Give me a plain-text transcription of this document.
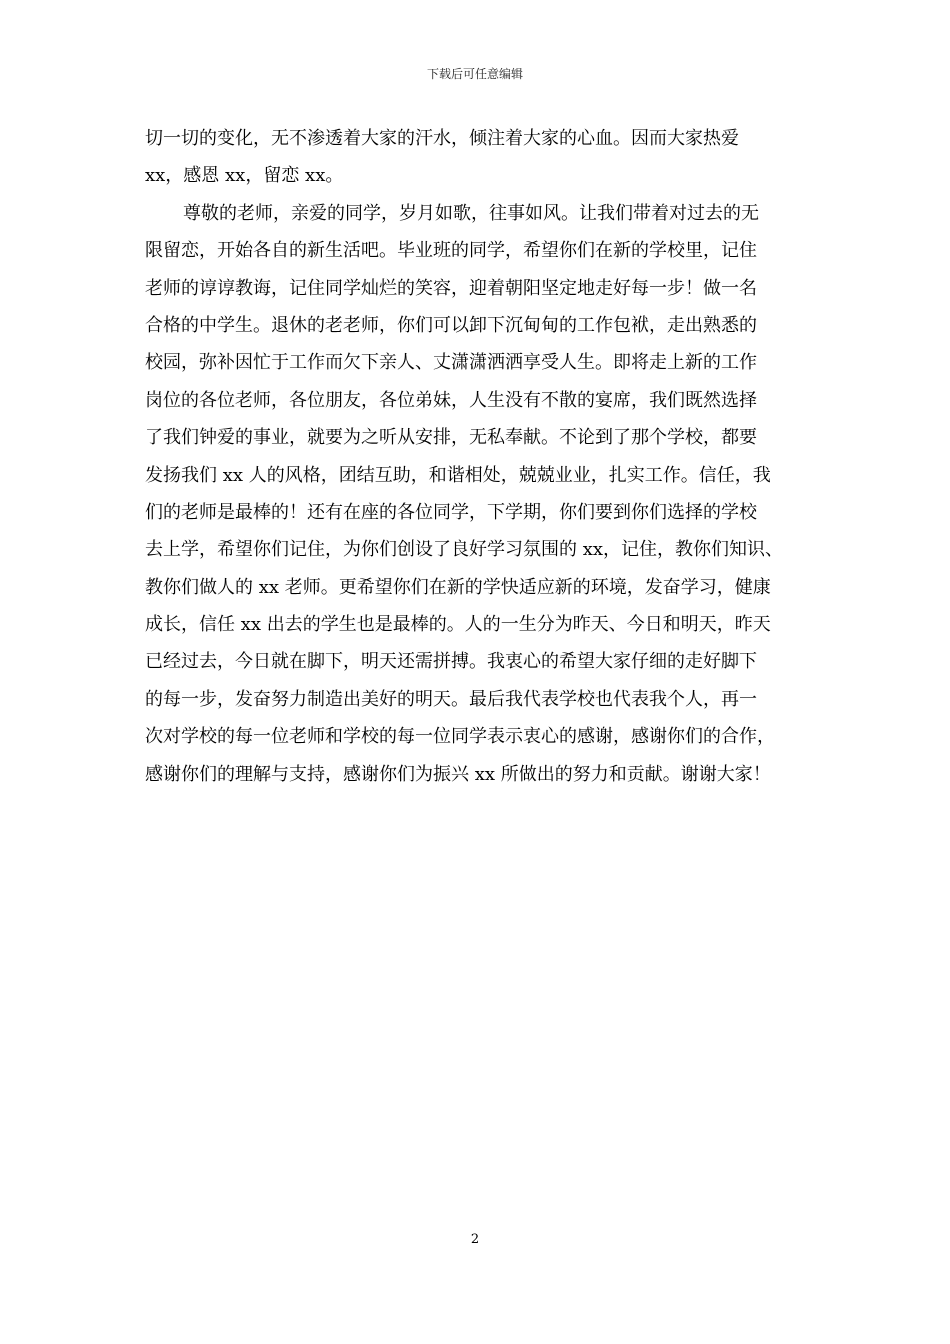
下载后可任意编辑
切一切的变化，无不渗透着大家的汗水，倾注着大家的心血。因而大家热爱
xx，感恩 xx，留恋 xx。
尊敬的老师，亲爱的同学，岁月如歌，往事如风。让我们带着对过去的无
限留恋，开始各自的新生活吧。毕业班的同学，希望你们在新的学校里，记住
老师的谆谆教诲，记住同学灿烂的笑容，迎着朝阳坚定地走好每一步！做一名
合格的中学生。退休的老老师，你们可以卸下沉甸甸的工作包袱，走出熟悉的
校园，弥补因忙于工作而欠下亲人、丈潇潇洒洒享受人生。即将走上新的工作
岗位的各位老师，各位朋友，各位弟妹，人生没有不散的宴席，我们既然选择
了我们钟爱的事业，就要为之听从安排，无私奉献。不论到了那个学校，都要
发扬我们 xx 人的风格，团结互助，和谐相处，兢兢业业，扎实工作。信任，我
们的老师是最棒的！还有在座的各位同学，下学期，你们要到你们选择的学校
去上学，希望你们记住，为你们创设了良好学习氛围的 xx，记住，教你们知识、
教你们做人的 xx 老师。更希望你们在新的学快适应新的环境，发奋学习，健康
成长，信任 xx 出去的学生也是最棒的。人的一生分为昨天、今日和明天，昨天
已经过去，今日就在脚下，明天还需拼搏。我衷心的希望大家仔细的走好脚下
的每一步，发奋努力制造出美好的明天。最后我代表学校也代表我个人，再一
次对学校的每一位老师和学校的每一位同学表示衷心的感谢，感谢你们的合作，
感谢你们的理解与支持，感谢你们为振兴 xx 所做出的努力和贡献。谢谢大家！
2
